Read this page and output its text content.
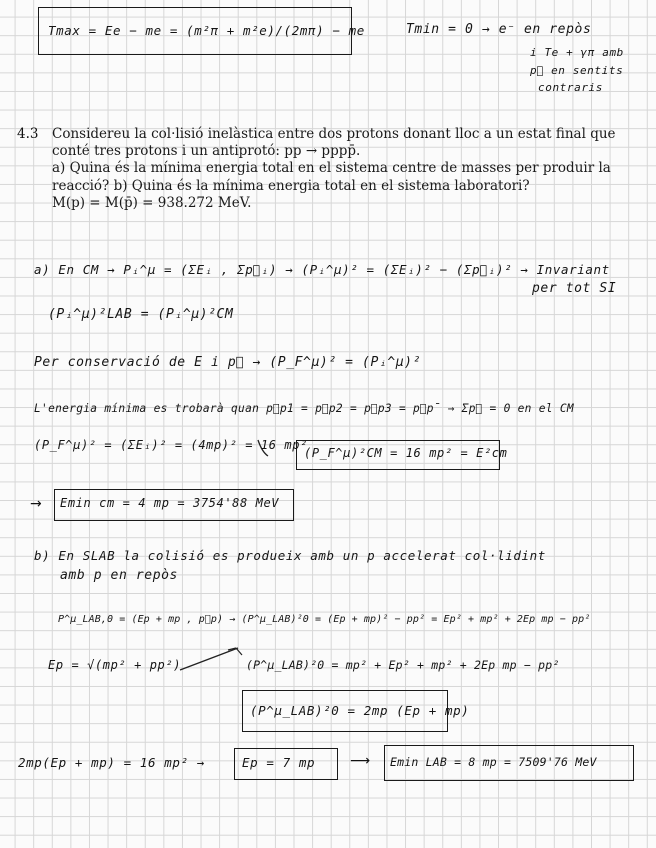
Tmax = Ee − me = (m²π + m²e)/(2mπ) − me	Tmin = 0 → e⁻ en repòs
i Te + γπ amb
p⃗ en sentits
contraris
4.3 Considereu la col·lisió inelàstica entre dos protons donant lloc a un estat final que
conté tres protons i un antiprotó: pp → pppp̄.
a) Quina és la mínima energia total en el sistema centre de masses per produir la
reacció? b) Quina és la mínima energia total en el sistema laboratori?
M(p) = M(p̄) = 938.272 MeV.
a) En CM → Pᵢ^μ = (ΣEᵢ , Σp⃗ᵢ) → (Pᵢ^μ)² = (ΣEᵢ)² − (Σp⃗ᵢ)² → Invariant
per tot SI
(Pᵢ^μ)²LAB = (Pᵢ^μ)²CM
Per conservació de E i p⃗ → (P_F^μ)² = (Pᵢ^μ)²
L'energia mínima es trobarà quan p⃗p1 = p⃗p2 = p⃗p3 = p⃗p̄ → Σp⃗ = 0 en el CM
(P_F^μ)² = (ΣEᵢ)² = (4mp)² = 16 mp²
(P_F^μ)²CM = 16 mp² = E²cm
→ Emin cm = 4 mp = 3754'88 MeV
b) En SLAB la colisió es produeix amb un p accelerat col·lidint
amb p en repòs
P^μ_LAB,0 = (Ep + mp , p⃗p) → (P^μ_LAB)²0 = (Ep + mp)² − pp² = Ep² + mp² + 2Ep mp − pp²
Ep = √(mp² + pp²)	(P^μ_LAB)²0 = mp² + Ep² + mp² + 2Ep mp − pp²
(P^μ_LAB)²0 = 2mp (Ep + mp)
2mp(Ep + mp) = 16 mp² →	Ep = 7 mp ⟶ Emin LAB = 8 mp = 7509'76 MeV
